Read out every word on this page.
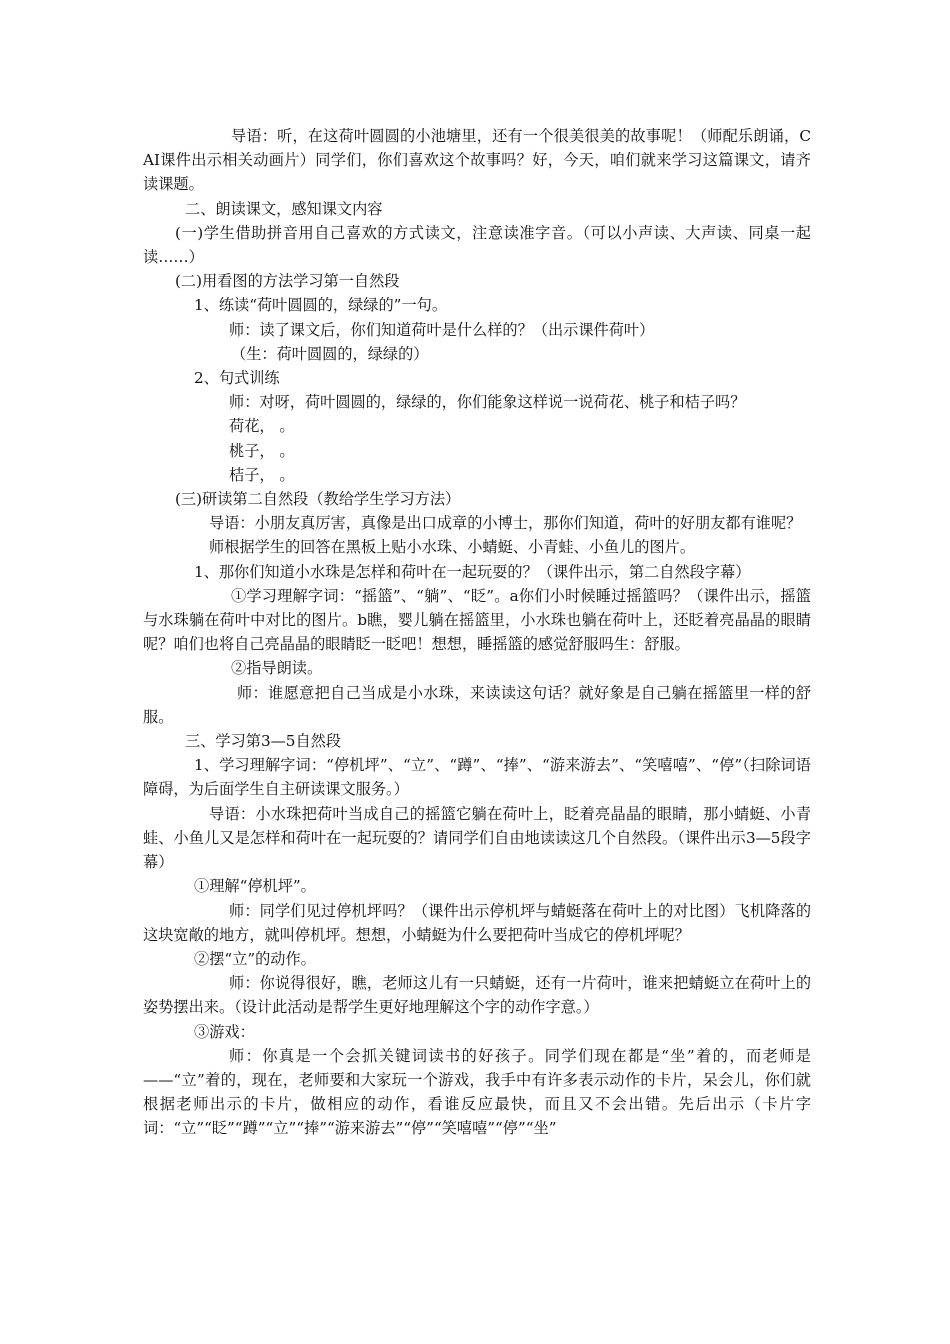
导语：听，在这荷叶圆圆的小池塘里，还有一个很美很美的故事呢！（师配乐朗诵，CAI课件出示相关动画片）同学们，你们喜欢这个故事吗？好，今天，咱们就来学习这篇课文，请齐读课题。

二、朗读课文，感知课文内容

(一)学生借助拼音用自己喜欢的方式读文，注意读准字音。（可以小声读、大声读、同桌一起读……）

(二)用看图的方法学习第一自然段

1、练读“荷叶圆圆的，绿绿的”一句。

师：读了课文后，你们知道荷叶是什么样的？（出示课件荷叶）

（生：荷叶圆圆的，绿绿的）

2、句式训练

师：对呀，荷叶圆圆的，绿绿的，你们能象这样说一说荷花、桃子和桔子吗？

荷花， 。

桃子， 。

桔子， 。

(三)研读第二自然段（教给学生学习方法）

导语：小朋友真厉害，真像是出口成章的小博士，那你们知道，荷叶的好朋友都有谁呢？

师根据学生的回答在黑板上贴小水珠、小蜻蜓、小青蛙、小鱼儿的图片。

1、那你们知道小水珠是怎样和荷叶在一起玩耍的？（课件出示，第二自然段字幕）

①学习理解字词：“摇篮”、“躺”、“眨”。a你们小时候睡过摇篮吗？（课件出示，摇篮与水珠躺在荷叶中对比的图片。b瞧，婴儿躺在摇篮里，小水珠也躺在荷叶上，还眨着亮晶晶的眼睛呢？咱们也将自己亮晶晶的眼睛眨一眨吧！想想，睡摇篮的感觉舒服吗生：舒服。

②指导朗读。

师：谁愿意把自己当成是小水珠，来读读这句话？就好象是自己躺在摇篮里一样的舒服。

三、学习第3—5自然段

1、学习理解字词：“停机坪”、“立”、“蹲”、“捧”、“游来游去”、“笑嘻嘻”、“停”（扫除词语障碍，为后面学生自主研读课文服务。）

导语：小水珠把荷叶当成自己的摇篮它躺在荷叶上，眨着亮晶晶的眼睛，那小蜻蜓、小青蛙、小鱼儿又是怎样和荷叶在一起玩耍的？请同学们自由地读读这几个自然段。（课件出示3—5段字幕）

①理解“停机坪”。

师：同学们见过停机坪吗？（课件出示停机坪与蜻蜓落在荷叶上的对比图）飞机降落的这块宽敞的地方，就叫停机坪。想想，小蜻蜓为什么要把荷叶当成它的停机坪呢？

②摆“立”的动作。

师：你说得很好，瞧，老师这儿有一只蜻蜓，还有一片荷叶，谁来把蜻蜓立在荷叶上的姿势摆出来。（设计此活动是帮学生更好地理解这个字的动作字意。）

③游戏：

师：你真是一个会抓关键词读书的好孩子。同学们现在都是“坐”着的，而老师是——“立”着的，现在，老师要和大家玩一个游戏，我手中有许多表示动作的卡片，呆会儿，你们就根据老师出示的卡片，做相应的动作，看谁反应最快，而且又不会出错。先后出示（卡片字词：“立”“眨”“蹲”“立”“捧”“游来游去”“停”“笑嘻嘻”“停”“坐”
